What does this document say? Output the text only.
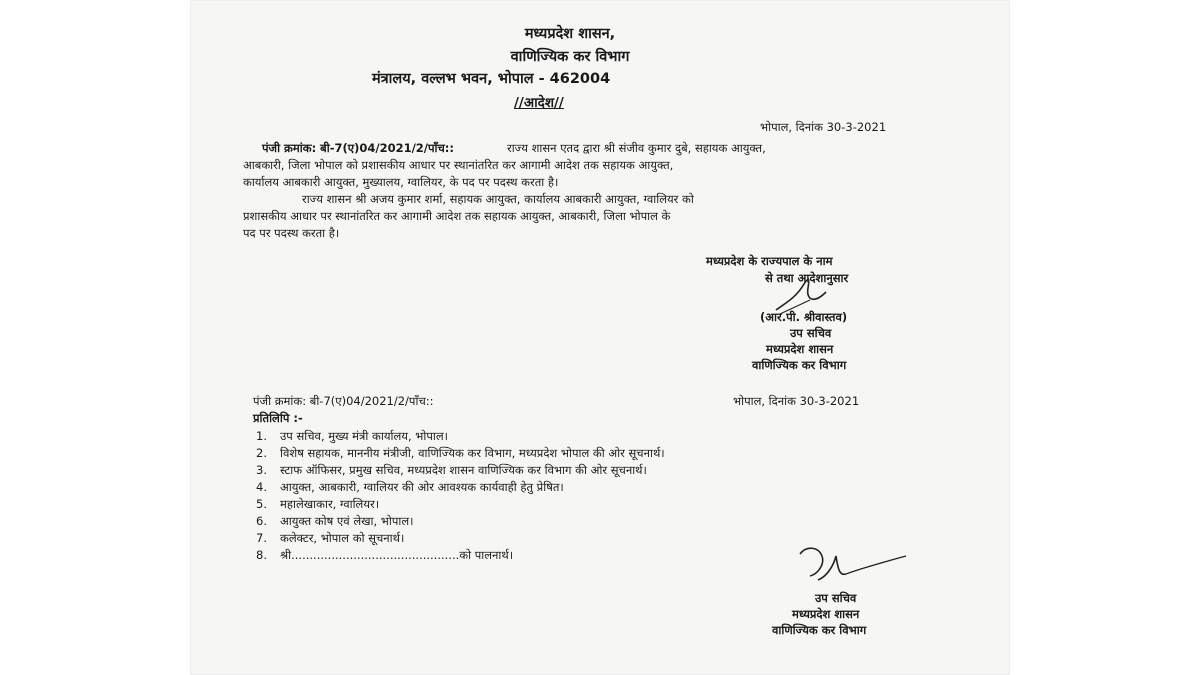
मध्यप्रदेश शासन,
वाणिज्यिक कर विभाग
मंत्रालय, वल्लभ भवन, भोपाल - 462004
//आदेश//
भोपाल, दिनांक 30-3-2021
पंजी क्रमांक: बी-7(ए)04/2021/2/पाँच::	राज्य शासन एतद द्वारा श्री संजीव कुमार दुबे, सहायक आयुक्त,
आबकारी, जिला भोपाल को प्रशासकीय आधार पर स्थानांतरित कर आगामी आदेश तक सहायक आयुक्त,
कार्यालय आबकारी आयुक्त, मुख्यालय, ग्वालियर, के पद पर पदस्थ करता है।
राज्य शासन श्री अजय कुमार शर्मा, सहायक आयुक्त, कार्यालय आबकारी आयुक्त, ग्वालियर को
प्रशासकीय आधार पर स्थानांतरित कर आगामी आदेश तक सहायक आयुक्त, आबकारी, जिला भोपाल के
पद पर पदस्थ करता है।
मध्यप्रदेश के राज्यपाल के नाम
से तथा आदेशानुसार
(आर.पी. श्रीवास्तव)
उप सचिव
मध्यप्रदेश शासन
वाणिज्यिक कर विभाग
पंजी क्रमांक: बी-7(ए)04/2021/2/पाँच::	भोपाल, दिनांक 30-3-2021
प्रतिलिपि :-
1. उप सचिव, मुख्य मंत्री कार्यालय, भोपाल।
2. विशेष सहायक, माननीय मंत्रीजी, वाणिज्यिक कर विभाग, मध्यप्रदेश भोपाल की ओर सूचनार्थ।
3. स्टाफ ऑफिसर, प्रमुख सचिव, मध्यप्रदेश शासन वाणिज्यिक कर विभाग की ओर सूचनार्थ।
4. आयुक्त, आबकारी, ग्वालियर की ओर आवश्यक कार्यवाही हेतु प्रेषित।
5. महालेखाकार, ग्वालियर।
6. आयुक्त कोष एवं लेखा, भोपाल।
7. कलेक्टर, भोपाल को सूचनार्थ।
8. श्री..............................................को पालनार्थ।
उप सचिव
मध्यप्रदेश शासन
वाणिज्यिक कर विभाग
